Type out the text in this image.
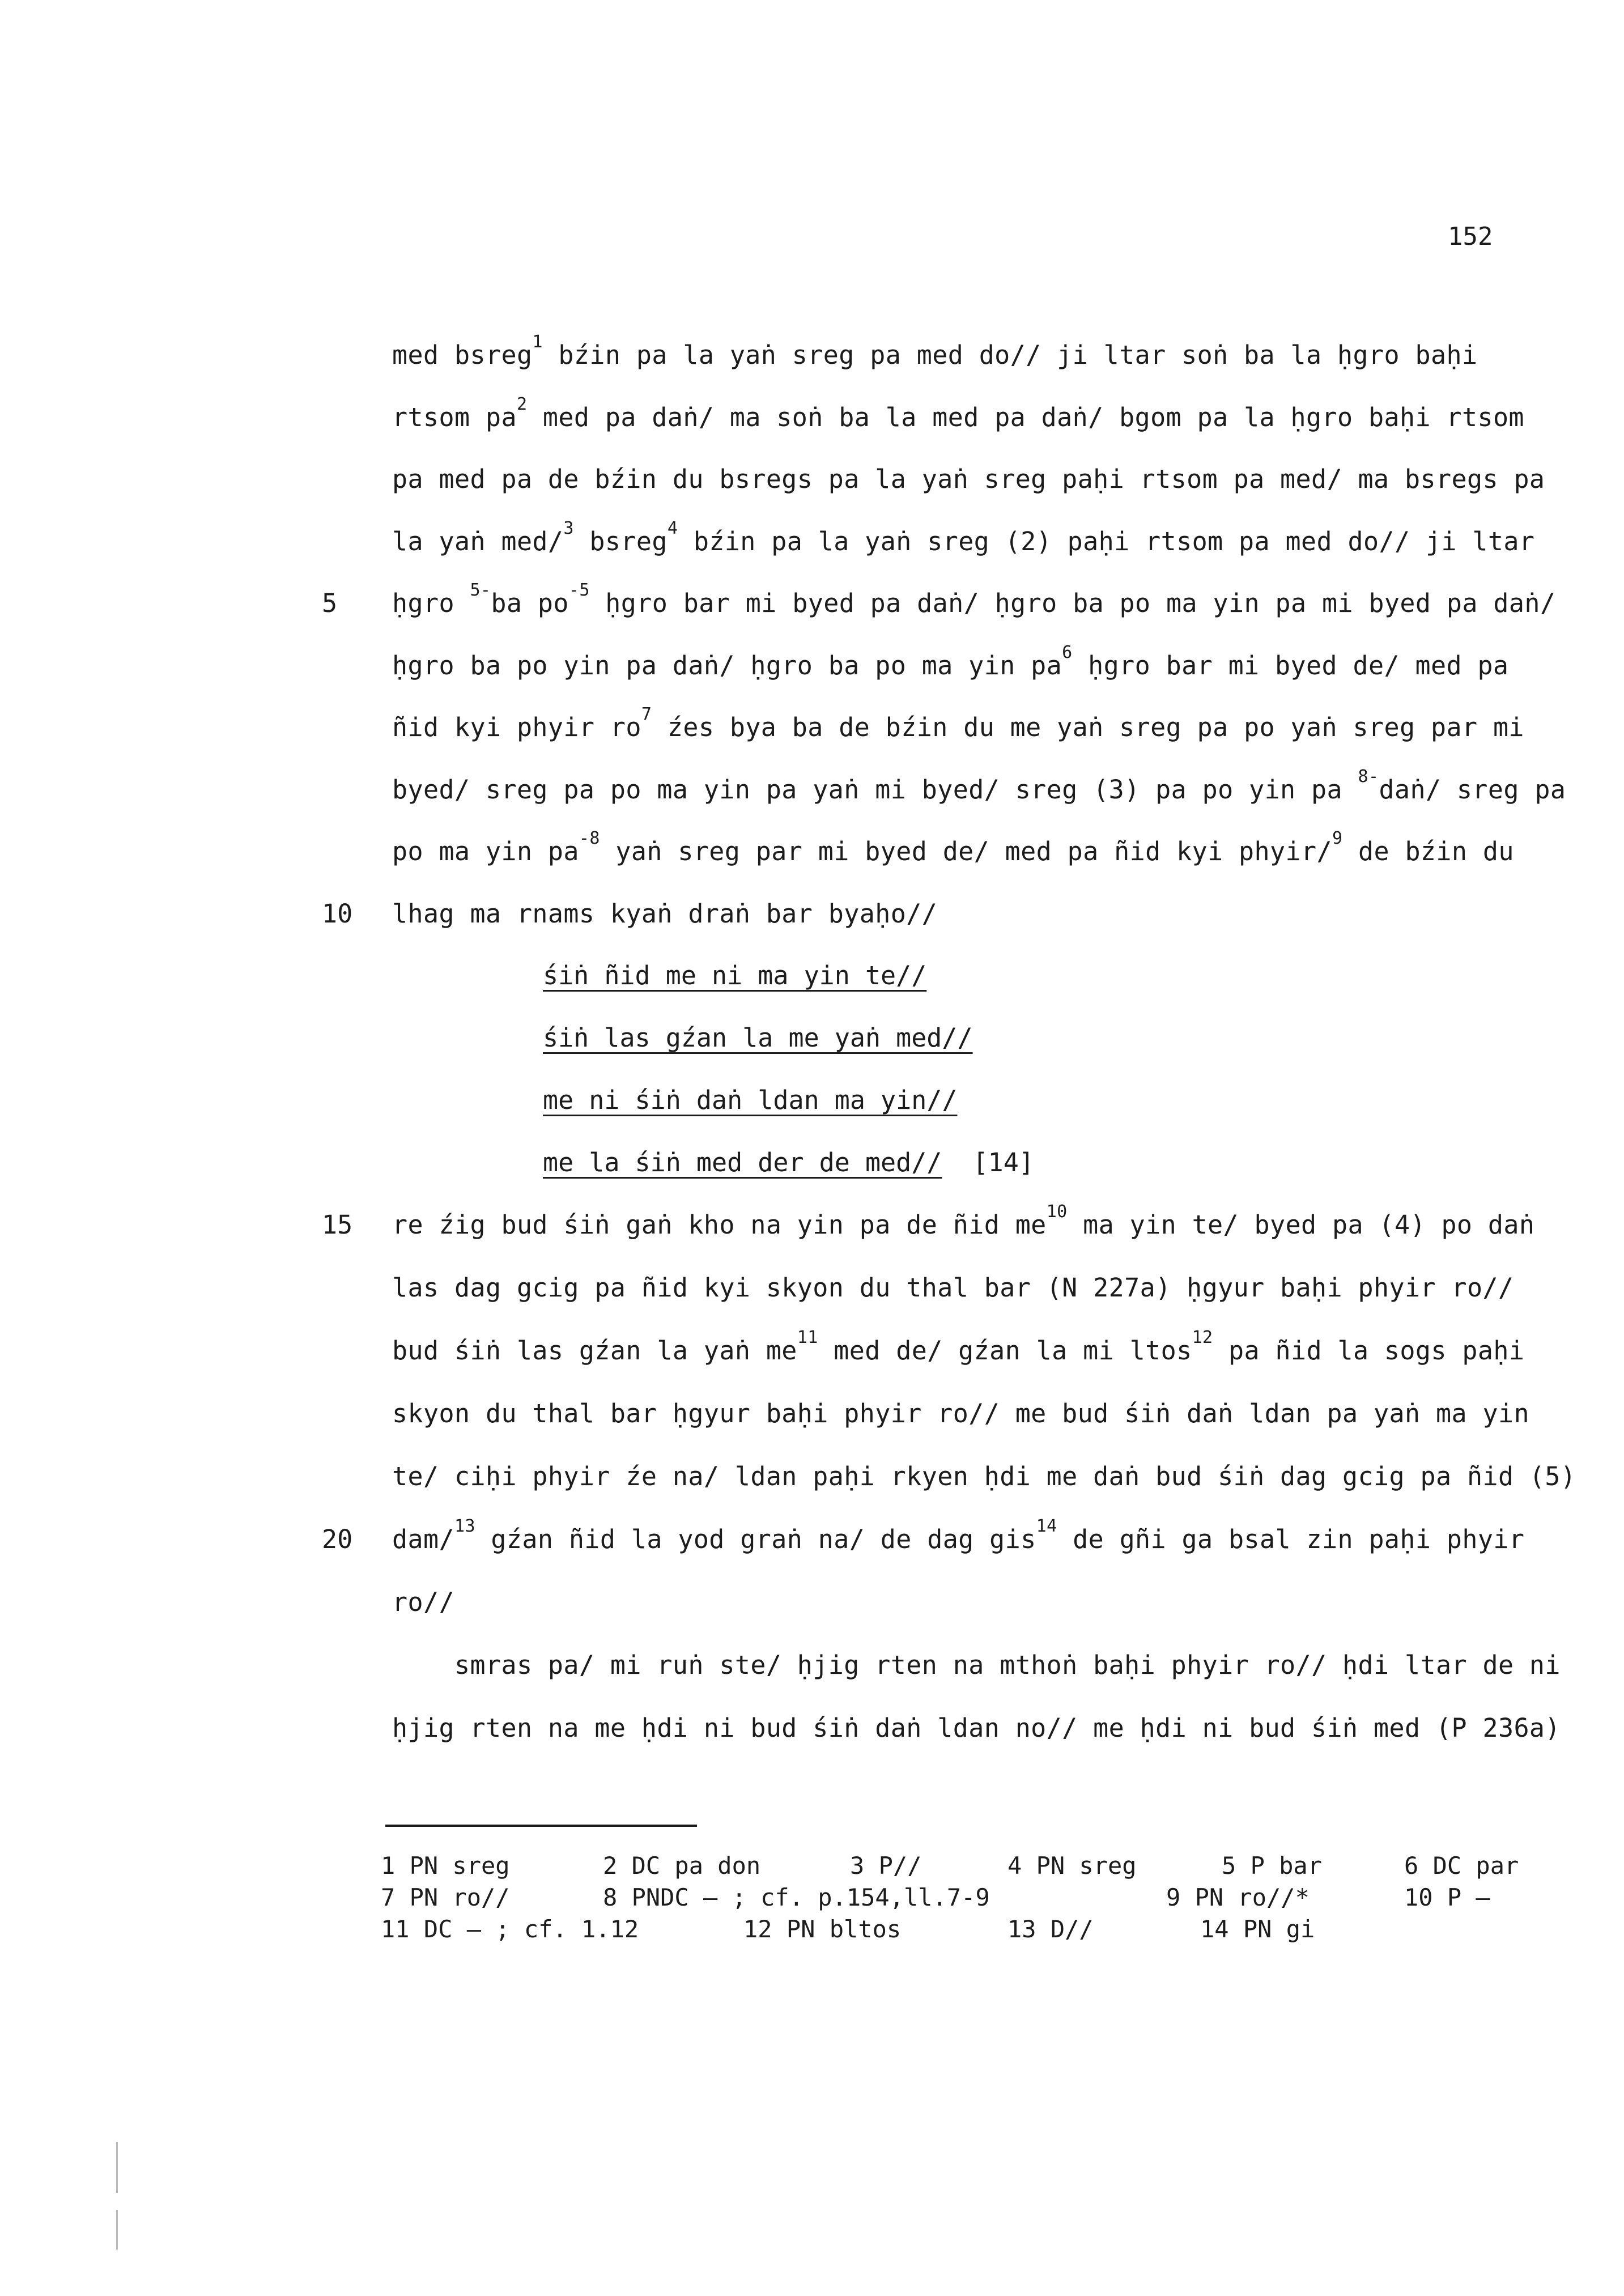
152
med bsreg$^1$ bźin pa la yaṅ sreg pa med do// ji ltar soṅ ba la ḥgro baḥi
rtsom $pa^2$ med pa daṅ/ ma soṅ ba la med pa daṅ/ bgom pa la ḥgro baḥi rtsom
pa med pa de bźin du bsregs pa la yaṅ sreg paḥi rtsom pa med/ ma bsregs pa
la yaṅ med/$^3$ bsreg$^4$ bźin pa la yaṅ sreg (2) paḥi rtsom pa med do// ji ltar
5	ḥgro $^{5-}$ba $po^{-5}$ ḥgro bar mi byed pa daṅ/ ḥgro ba po ma yin pa mi byed pa daṅ/
ḥgro ba po yin pa daṅ/ ḥgro ba po ma yin $pa^6$ ḥgro bar mi byed de/ med pa
ñid kyi phyir $ro^7$ źes bya ba de bźin du me yaṅ sreg pa po yaṅ sreg par mi
byed/ sreg pa po ma yin pa yaṅ mi byed/ sreg (3) pa po yin pa $^{8-}$daṅ/ sreg pa
po ma yin $pa^{-8}$ yaṅ sreg par mi byed de/ med pa ñid kyi phyir/$^9$ de bźin du
10	lhag ma rnams kyaṅ draṅ bar byaḥo//
śiṅ ñid me ni ma yin te//
śiṅ las gźan la me yaṅ med//
me ni śiṅ daṅ ldan ma yin//
me la śiṅ med der de med//  [14]
15	re źig bud śiṅ gaṅ kho na yin pa de ñid $me^{10}$ ma yin te/ byed pa (4) po daṅ
las dag gcig pa ñid kyi skyon du thal bar (N 227a) ḥgyur baḥi phyir ro//
bud śiṅ las gźan la yaṅ $me^{11}$ med de/ gźan la mi ltos$^{12}$ pa ñid la sogs paḥi
skyon du thal bar ḥgyur baḥi phyir ro// me bud śiṅ daṅ ldan pa yaṅ ma yin
te/ ciḥi phyir źe na/ ldan paḥi rkyen ḥdi me daṅ bud śiṅ dag gcig pa ñid (5)
20	dam/$^{13}$ gźan ñid la yod graṅ na/ de dag gis$^{14}$ de gñi ga bsal zin paḥi phyir
ro//
smras pa/ mi ruṅ ste/ ḥjig rten na mthoṅ baḥi phyir ro// ḥdi ltar de ni
ḥjig rten na me ḥdi ni bud śiṅ daṅ ldan no// me ḥdi ni bud śiṅ med (P 236a)
1 PN sreg	2 DC pa don	3 P//	4 PN sreg	5 P bar	6 DC par
7 PN ro//	8 PNDC — ; cf. p.154,ll.7-9	9 PN ro//*	10 P —
11 DC — ; cf. 1.12	12 PN bltos	13 D//	14 PN gi
